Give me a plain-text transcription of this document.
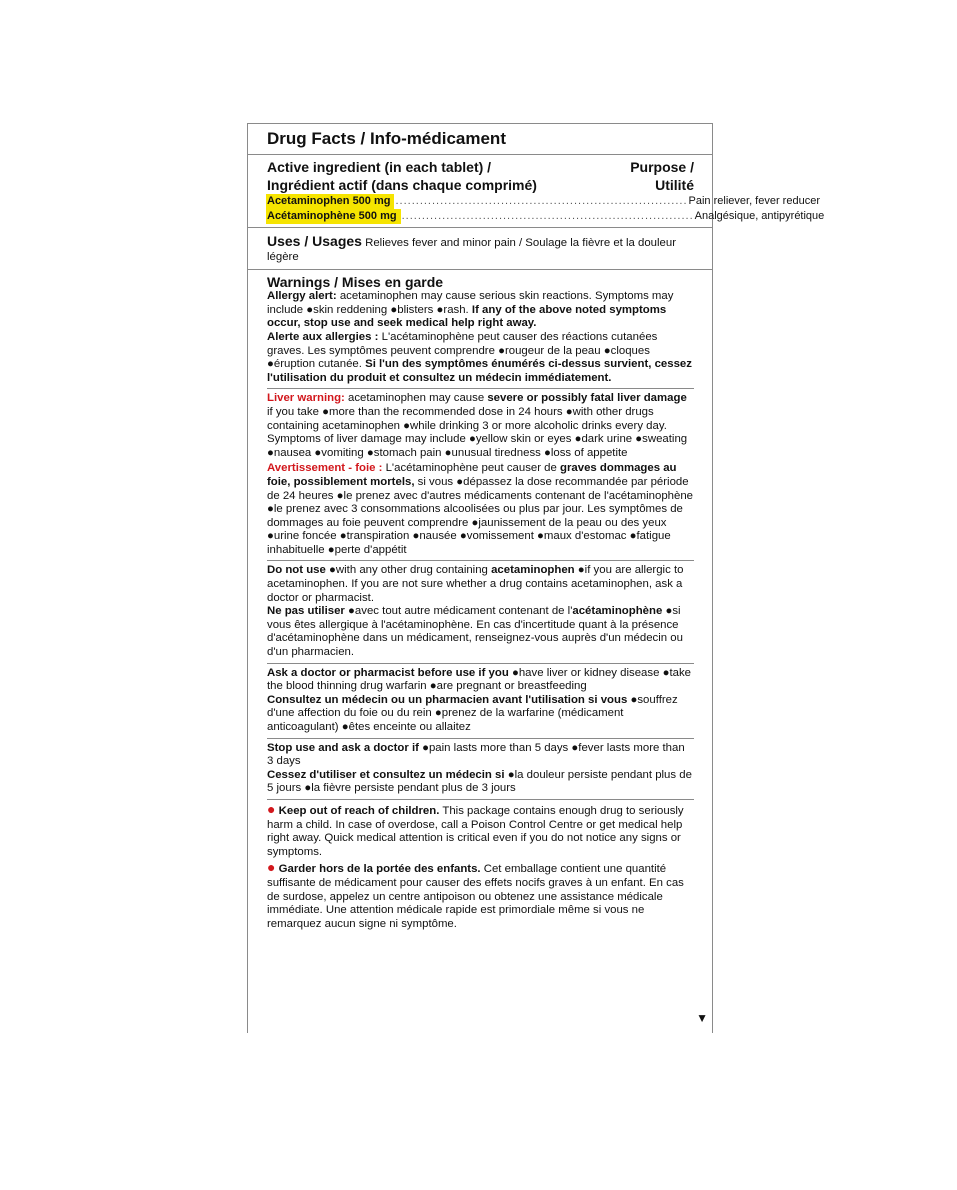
Drug Facts / Info-médicament
Active ingredient (in each tablet) /	Purpose /
Ingrédient actif (dans chaque comprimé)	Utilité
Acetaminophen 500 mg ........................................................................ Pain reliever, fever reducer
Acétaminophène 500 mg ........................................................................ Analgésique, antipyrétique

Uses / Usages Relieves fever and minor pain / Soulage la fièvre et la douleur légère

Warnings / Mises en garde

Allergy alert: acetaminophen may cause serious skin reactions. Symptoms may include ●skin reddening ●blisters ●rash. If any of the above noted symptoms occur, stop use and seek medical help right away.

Alerte aux allergies : L'acétaminophène peut causer des réactions cutanées graves. Les symptômes peuvent comprendre ●rougeur de la peau ●cloques ●éruption cutanée. Si l'un des symptômes énumérés ci-dessus survient, cessez l'utilisation du produit et consultez un médecin immédiatement.

Liver warning: acetaminophen may cause severe or possibly fatal liver damage if you take ●more than the recommended dose in 24 hours ●with other drugs containing acetaminophen ●while drinking 3 or more alcoholic drinks every day. Symptoms of liver damage may include ●yellow skin or eyes ●dark urine ●sweating ●nausea ●vomiting ●stomach pain ●unusual tiredness ●loss of appetite

Avertissement - foie : L'acétaminophène peut causer de graves dommages au foie, possiblement mortels, si vous ●dépassez la dose recommandée par période de 24 heures ●le prenez avec d'autres médicaments contenant de l'acétaminophène ●le prenez avec 3 consommations alcoolisées ou plus par jour. Les symptômes de dommages au foie peuvent comprendre ●jaunissement de la peau ou des yeux ●urine foncée ●transpiration ●nausée ●vomissement ●maux d'estomac ●fatigue inhabituelle ●perte d'appétit

Do not use ●with any other drug containing acetaminophen ●if you are allergic to acetaminophen. If you are not sure whether a drug contains acetaminophen, ask a doctor or pharmacist.

Ne pas utiliser ●avec tout autre médicament contenant de l'acétaminophène ●si vous êtes allergique à l'acétaminophène. En cas d'incertitude quant à la présence d'acétaminophène dans un médicament, renseignez-vous auprès d'un médecin ou d'un pharmacien.

Ask a doctor or pharmacist before use if you ●have liver or kidney disease ●take the blood thinning drug warfarin ●are pregnant or breastfeeding

Consultez un médecin ou un pharmacien avant l'utilisation si vous ●souffrez d'une affection du foie ou du rein ●prenez de la warfarine (médicament anticoagulant) ●êtes enceinte ou allaitez

Stop use and ask a doctor if ●pain lasts more than 5 days ●fever lasts more than 3 days

Cessez d'utiliser et consultez un médecin si ●la douleur persiste pendant plus de 5 jours ●la fièvre persiste pendant plus de 3 jours

● Keep out of reach of children. This package contains enough drug to seriously harm a child. In case of overdose, call a Poison Control Centre or get medical help right away. Quick medical attention is critical even if you do not notice any signs or symptoms.

● Garder hors de la portée des enfants. Cet emballage contient une quantité suffisante de médicament pour causer des effets nocifs graves à un enfant. En cas de surdose, appelez un centre antipoison ou obtenez une assistance médicale immédiate. Une attention médicale rapide est primordiale même si vous ne remarquez aucun signe ni symptôme.

▼
